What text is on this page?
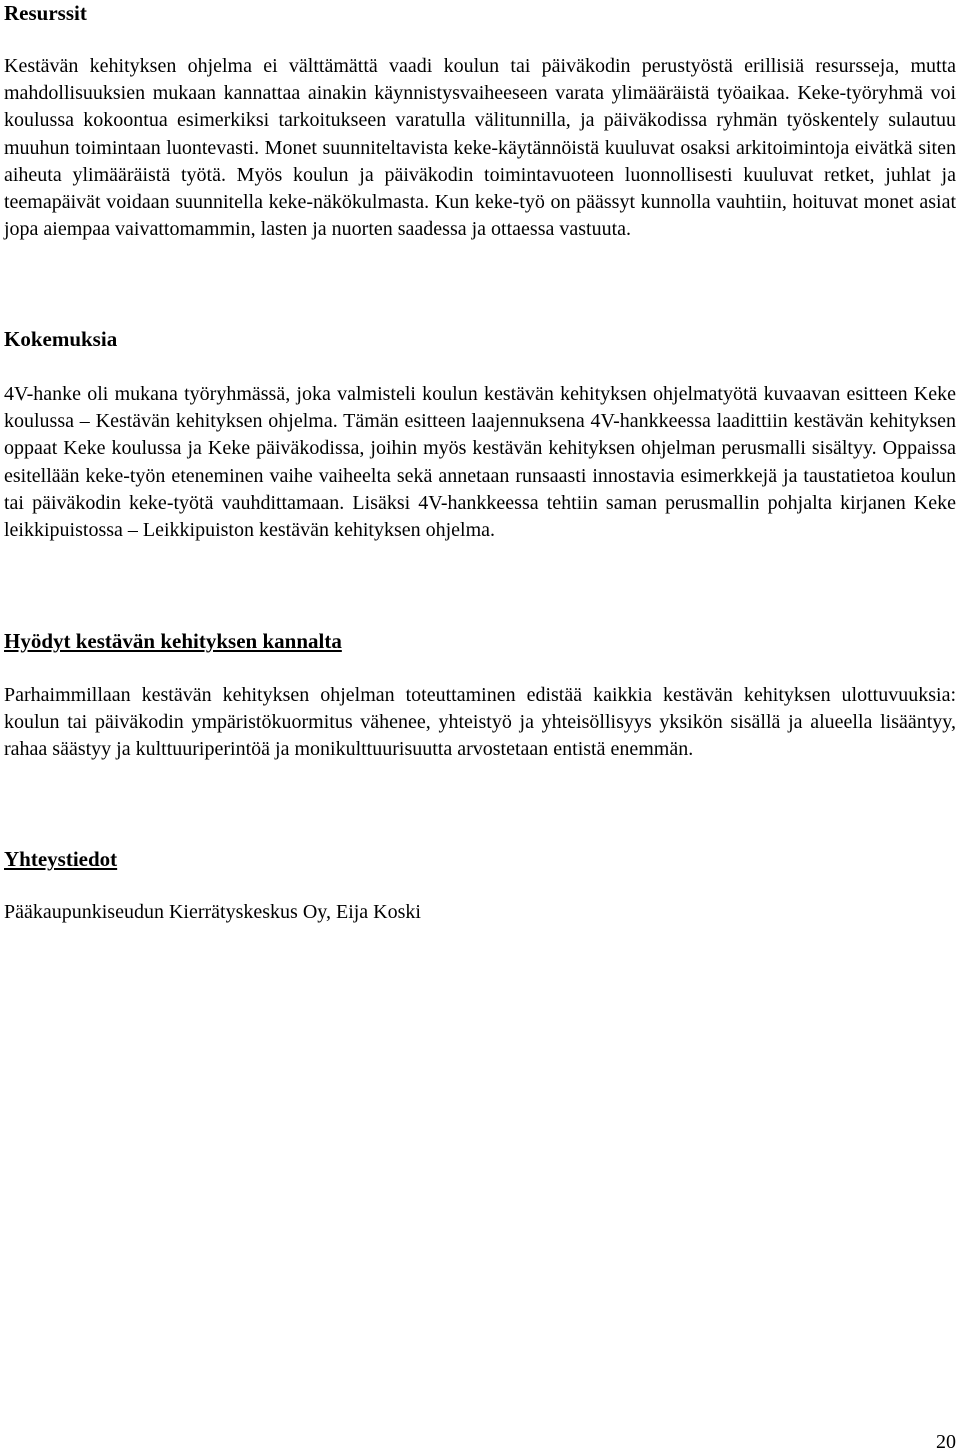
Resurssit

Kestävän kehityksen ohjelma ei välttämättä vaadi koulun tai päiväkodin perustyöstä erillisiä resursseja, mutta mahdollisuuksien mukaan kannattaa ainakin käynnistysvaiheeseen varata ylimääräistä työaikaa. Keke-työryhmä voi koulussa kokoontua esimerkiksi tarkoitukseen varatulla välitunnilla, ja päiväkodissa ryhmän työskentely sulautuu muuhun toimintaan luontevasti. Monet suunniteltavista keke-käytännöistä kuuluvat osaksi arkitoimintoja eivätkä siten aiheuta ylimääräistä työtä. Myös koulun ja päiväkodin toimintavuoteen luonnollisesti kuuluvat retket, juhlat ja teemapäivät voidaan suunnitella keke-näkökulmasta. Kun keke-työ on päässyt kunnolla vauhtiin, hoituvat monet asiat jopa aiempaa vaivattomammin, lasten ja nuorten saadessa ja ottaessa vastuuta.

Kokemuksia

4V-hanke oli mukana työryhmässä, joka valmisteli koulun kestävän kehityksen ohjelmatyötä kuvaavan esitteen Keke koulussa – Kestävän kehityksen ohjelma. Tämän esitteen laajennuksena 4V-hankkeessa laadittiin kestävän kehityksen oppaat Keke koulussa ja Keke päiväkodissa, joihin myös kestävän kehityksen ohjelman perusmalli sisältyy. Oppaissa esitellään keke-työn eteneminen vaihe vaiheelta sekä annetaan runsaasti innostavia esimerkkejä ja taustatietoa koulun tai päiväkodin keke-työtä vauhdittamaan. Lisäksi 4V-hankkeessa tehtiin saman perusmallin pohjalta kirjanen Keke leikkipuistossa – Leikkipuiston kestävän kehityksen ohjelma.

Hyödyt kestävän kehityksen kannalta

Parhaimmillaan kestävän kehityksen ohjelman toteuttaminen edistää kaikkia kestävän kehityksen ulottuvuuksia: koulun tai päiväkodin ympäristökuormitus vähenee, yhteistyö ja yhteisöllisyys yksikön sisällä ja alueella lisääntyy, rahaa säästyy ja kulttuuriperintöä ja monikulttuurisuutta arvostetaan entistä enemmän.

Yhteystiedot

Pääkaupunkiseudun Kierrätyskeskus Oy, Eija Koski

20
